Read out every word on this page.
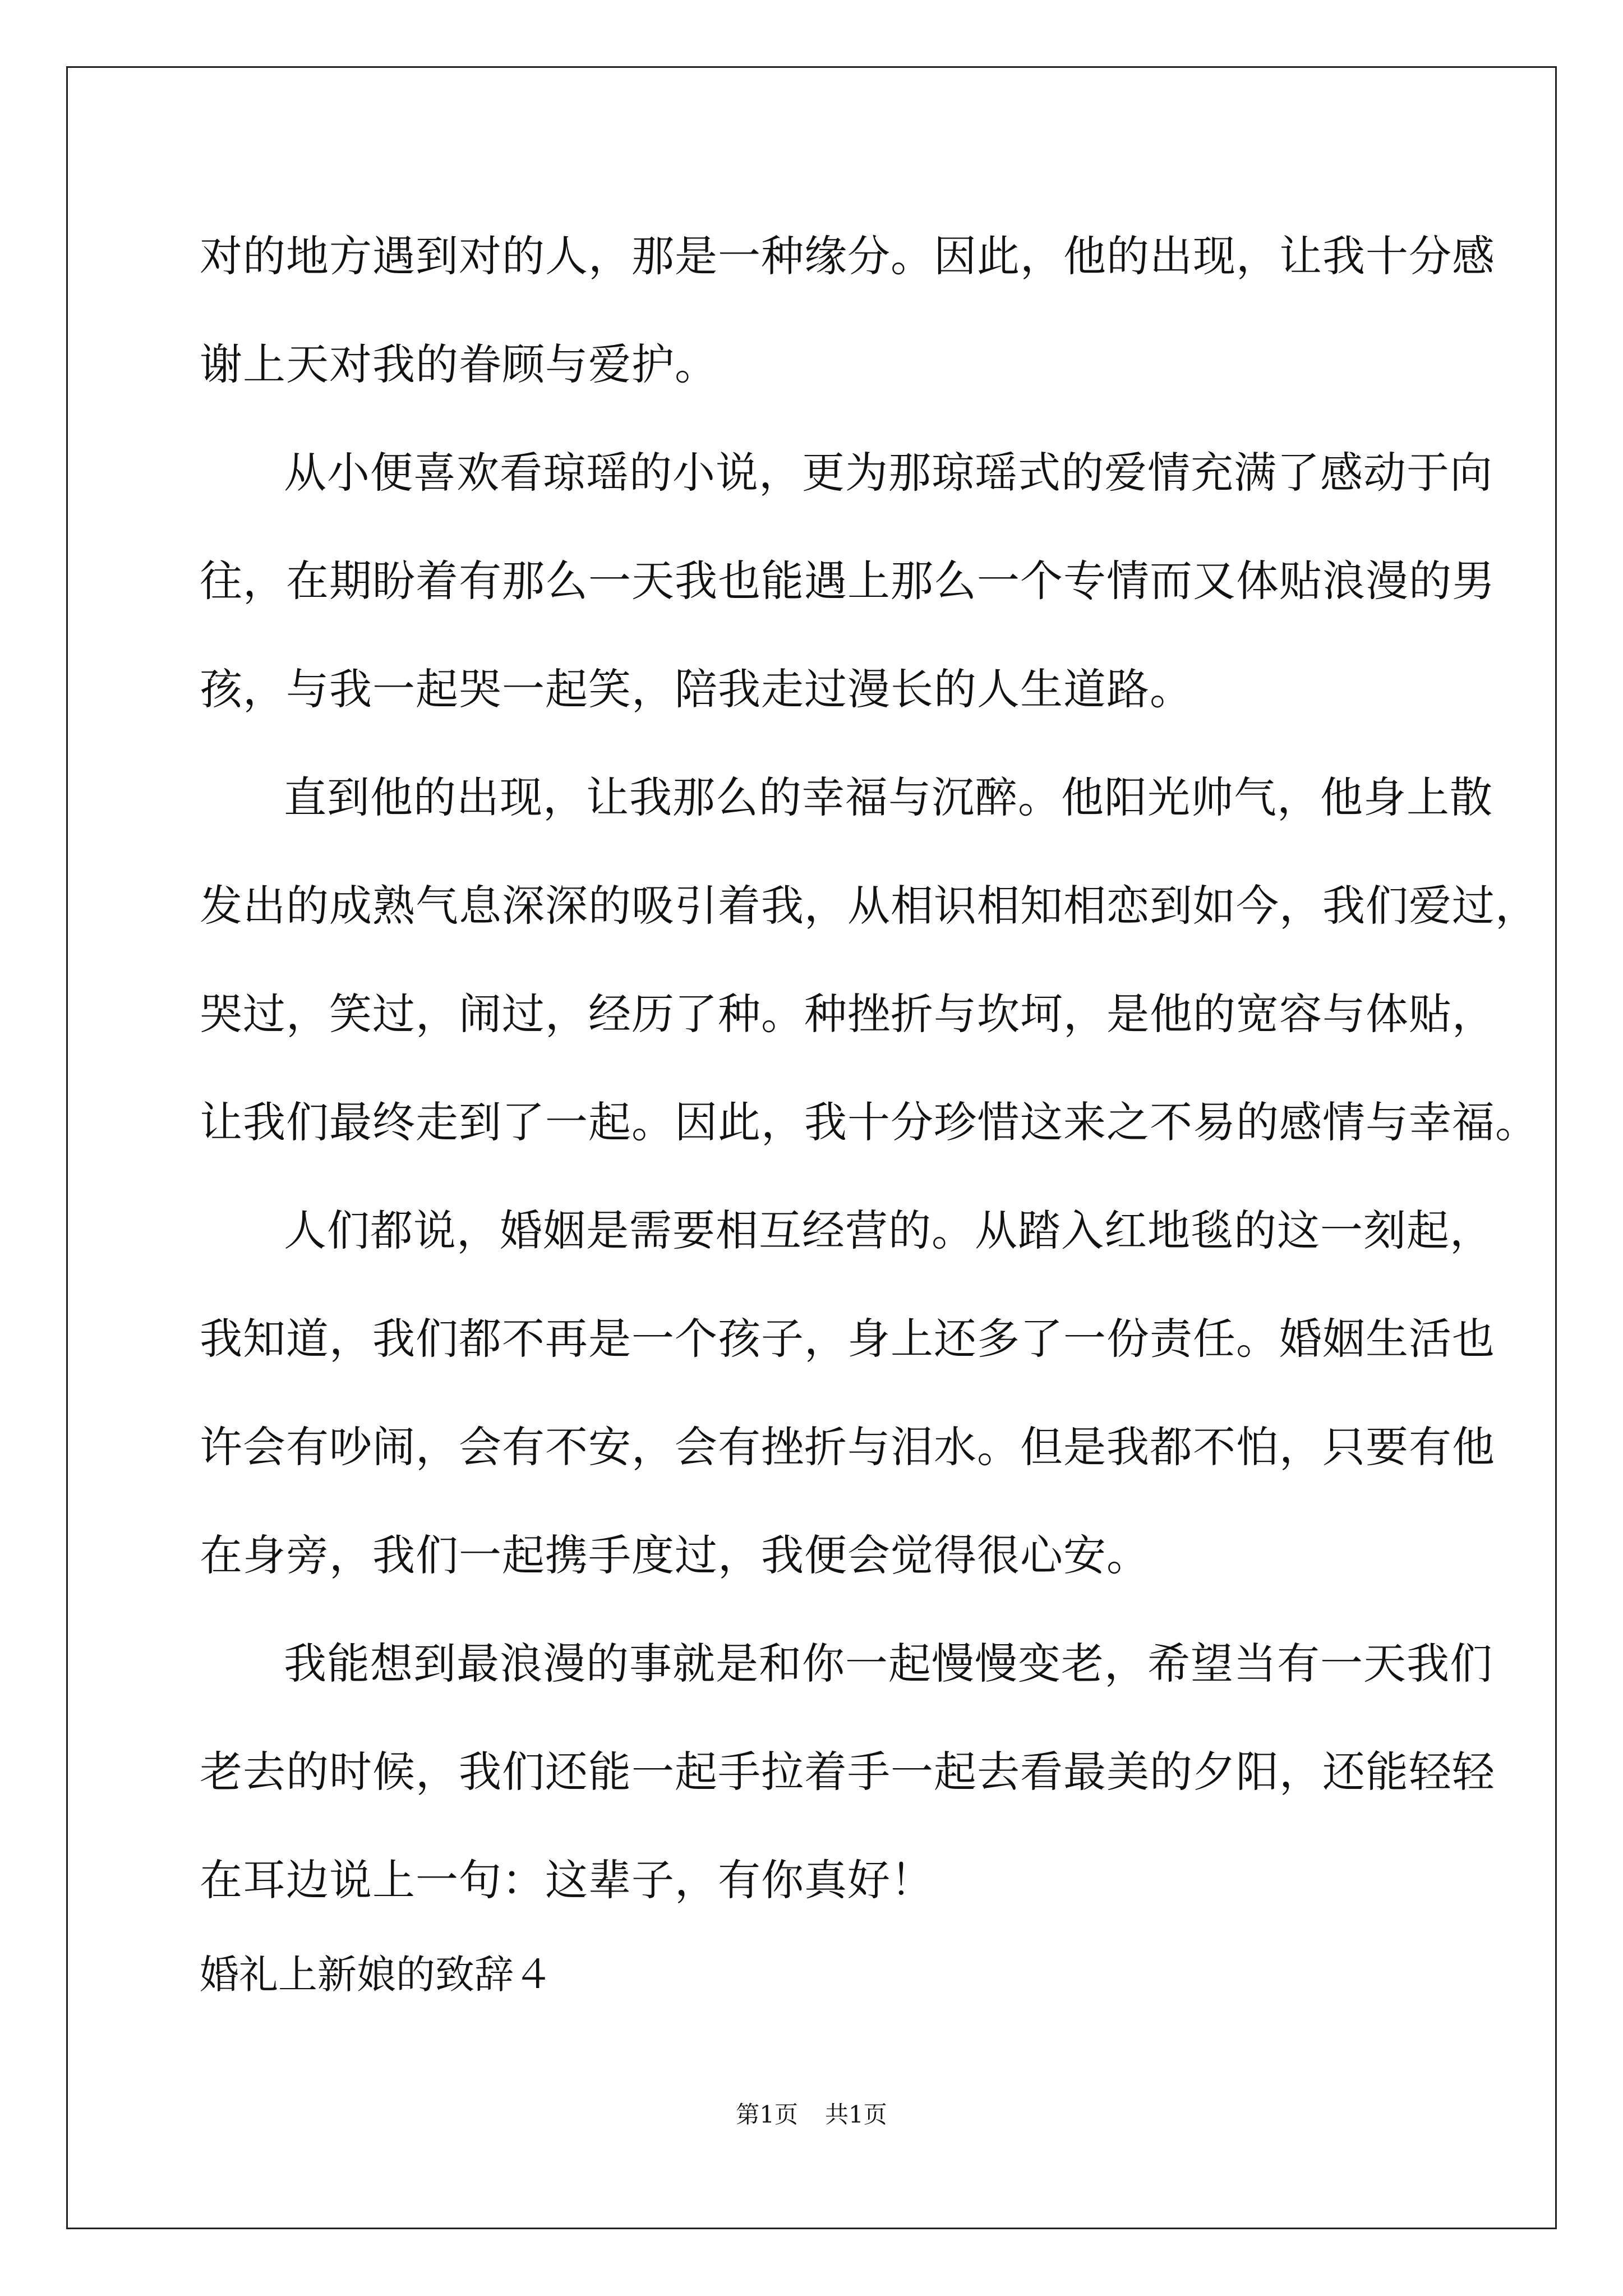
对的地方遇到对的人，那是一种缘分。因此，他的出现，让我十分感
谢上天对我的眷顾与爱护。
从小便喜欢看琼瑶的小说，更为那琼瑶式的爱情充满了感动于向
往，在期盼着有那么一天我也能遇上那么一个专情而又体贴浪漫的男
孩，与我一起哭一起笑，陪我走过漫长的人生道路。
直到他的出现，让我那么的幸福与沉醉。他阳光帅气，他身上散
发出的成熟气息深深的吸引着我，从相识相知相恋到如今，我们爱过，
哭过，笑过，闹过，经历了种。种挫折与坎坷，是他的宽容与体贴，
让我们最终走到了一起。因此，我十分珍惜这来之不易的感情与幸福。
人们都说，婚姻是需要相互经营的。从踏入红地毯的这一刻起，
我知道，我们都不再是一个孩子，身上还多了一份责任。婚姻生活也
许会有吵闹，会有不安，会有挫折与泪水。但是我都不怕，只要有他
在身旁，我们一起携手度过，我便会觉得很心安。
我能想到最浪漫的事就是和你一起慢慢变老，希望当有一天我们
老去的时候，我们还能一起手拉着手一起去看最美的夕阳，还能轻轻
在耳边说上一句：这辈子，有你真好！
婚礼上新娘的致辞４
第1页 共1页
